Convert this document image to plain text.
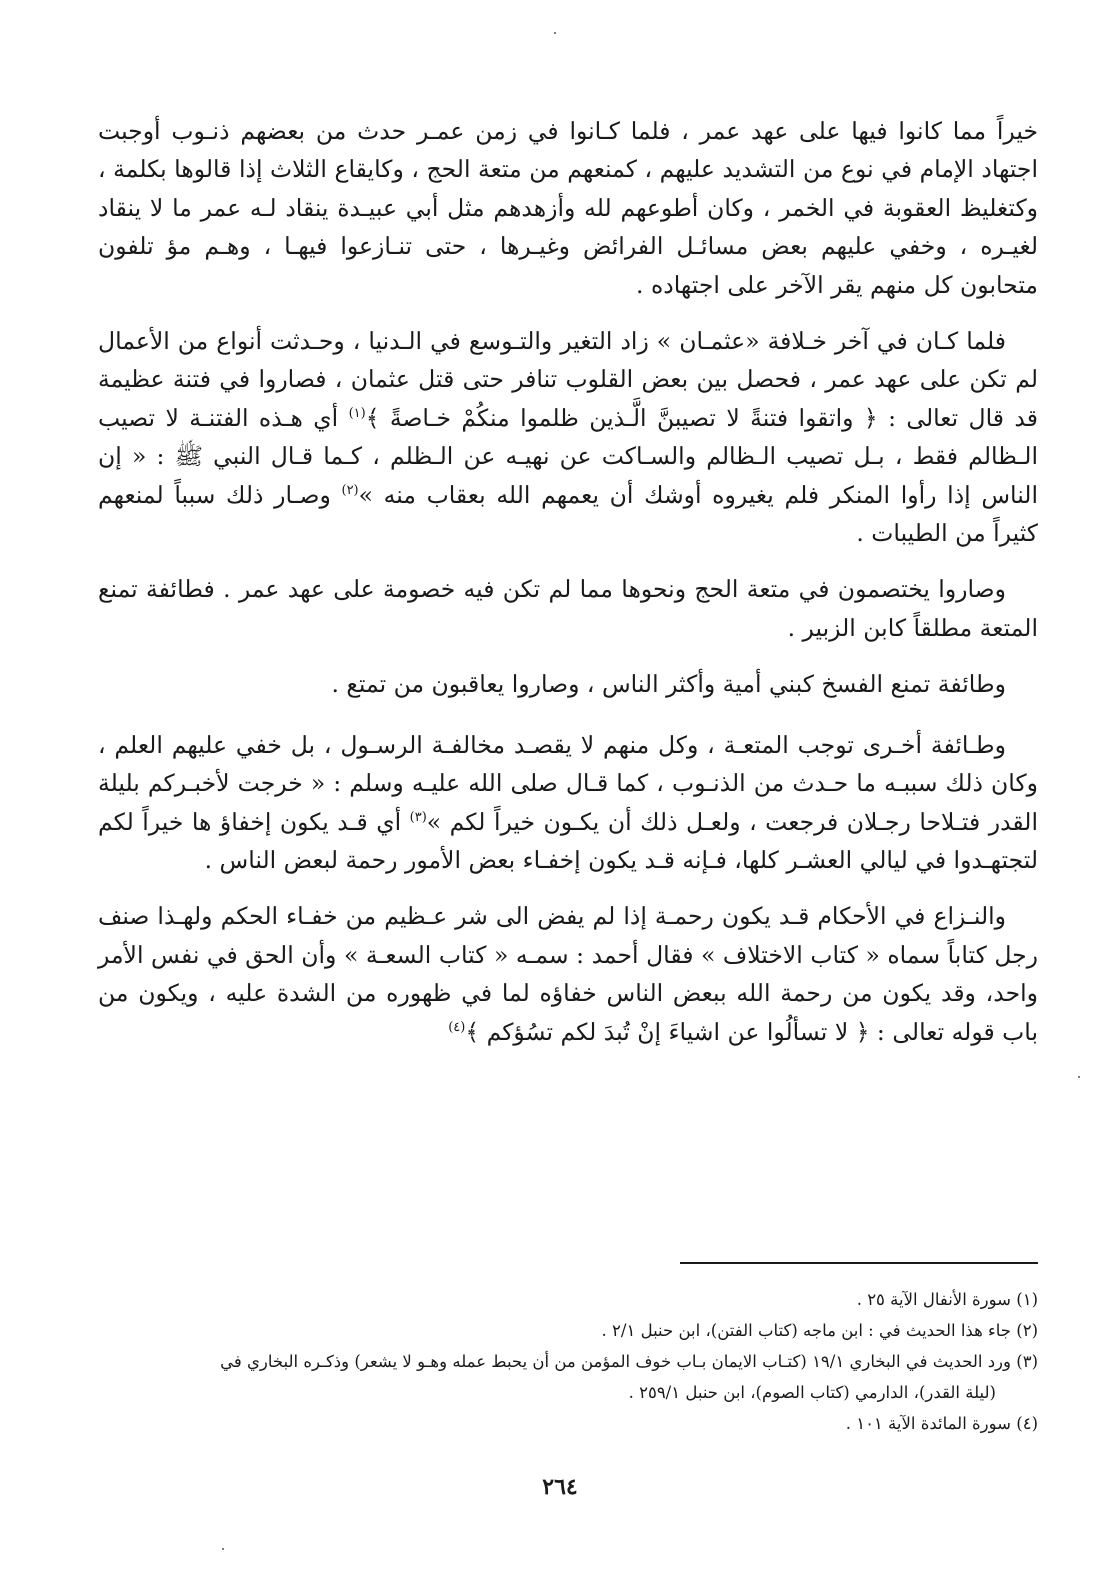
خيراً مما كانوا فيها على عهد عمر ، فلما كـانوا في زمن عمـر حدث من بعضهم ذنـوب أوجبت اجتهاد الإمام في نوع من التشديد عليهم ، كمنعهم من متعة الحج ، وكايقاع الثلاث إذا قالوها بكلمة ، وكتغليظ العقوبة في الخمر ، وكان أطوعهم لله وأزهدهم مثل أبي عبيـدة ينقاد لـه عمر ما لا ينقاد لغيـره ، وخفي عليهم بعض مسائـل الفرائض وغيـرها ، حتى تنـازعوا فيهـا ، وهـم مؤ تلفون متحابون كل منهم يقر الآخر على اجتهاده .

فلما كـان في آخر خـلافة «عثمـان » زاد التغير والتـوسع في الـدنيا ، وحـدثت أنواع من الأعمال لم تكن على عهد عمر ، فحصل بين بعض القلوب تنافر حتى قتل عثمان ، فصاروا في فتنة عظيمة قد قال تعالى : ﴿ واتقوا فتنةً لا تصيبنَّ الَّـذين ظلموا منكُمْ خـاصةً ﴾$^{(١)}$ أي هـذه الفتنـة لا تصيب الـظالم فقط ، بـل تصيب الـظالم والسـاكت عن نهيـه عن الـظلم ، كـما قـال النبي ﷺ : « إن الناس إذا رأوا المنكر فلم يغيروه أوشك أن يعمهم الله بعقاب منه »$^{(٢)}$ وصـار ذلك سبباً لمنعهم كثيراً من الطيبات .

وصاروا يختصمون في متعة الحج ونحوها مما لم تكن فيه خصومة على عهد عمر . فطائفة تمنع المتعة مطلقاً كابن الزبير .

وطائفة تمنع الفسخ كبني أمية وأكثر الناس ، وصاروا يعاقبون من تمتع .

وطـائفة أخـرى توجب المتعـة ، وكل منهم لا يقصـد مخالفـة الرسـول ، بل خفي عليهم العلم ، وكان ذلك سببـه ما حـدث من الذنـوب ، كما قـال صلى الله عليـه وسلم : « خرجت لأخبـركم بليلة القدر فتـلاحا رجـلان فرجعت ، ولعـل ذلك أن يكـون خيراً لكم »$^{(٣)}$ أي قـد يكون إخفاؤ ها خيراً لكم لتجتهـدوا في ليالي العشـر كلها، فـإنه قـد يكون إخفـاء بعض الأمور رحمة لبعض الناس .

والنـزاع في الأحكام قـد يكون رحمـة إذا لم يفض الى شر عـظيم من خفـاء الحكم ولهـذا صنف رجل كتاباً سماه « كتاب الاختلاف » فقال أحمد : سمـه « كتاب السعـة » وأن الحق في نفس الأمر واحد، وقد يكون من رحمة الله ببعض الناس خفاؤه لما في ظهوره من الشدة عليه ، ويكون من باب قوله تعالى : ﴿ لا تسألُوا عن اشياءَ إنْ تُبدَ لكم تسُؤكم ﴾$^{(٤)}$

(١) سورة الأنفال الآية ٢٥ .

(٢) جاء هذا الحديث في : ابن ماجه (كتاب الفتن)، ابن حنبل ٢/١ .

(٣) ورد الحديث في البخاري ١٩/١ (كتـاب الايمان بـاب خوف المؤمن من أن يحبط عمله وهـو لا يشعر) وذكـره البخاري في

(ليلة القدر)، الدارمي (كتاب الصوم)، ابن حنبل ٢٥٩/١ .

(٤) سورة المائدة الآية ١٠١ .

٢٦٤
